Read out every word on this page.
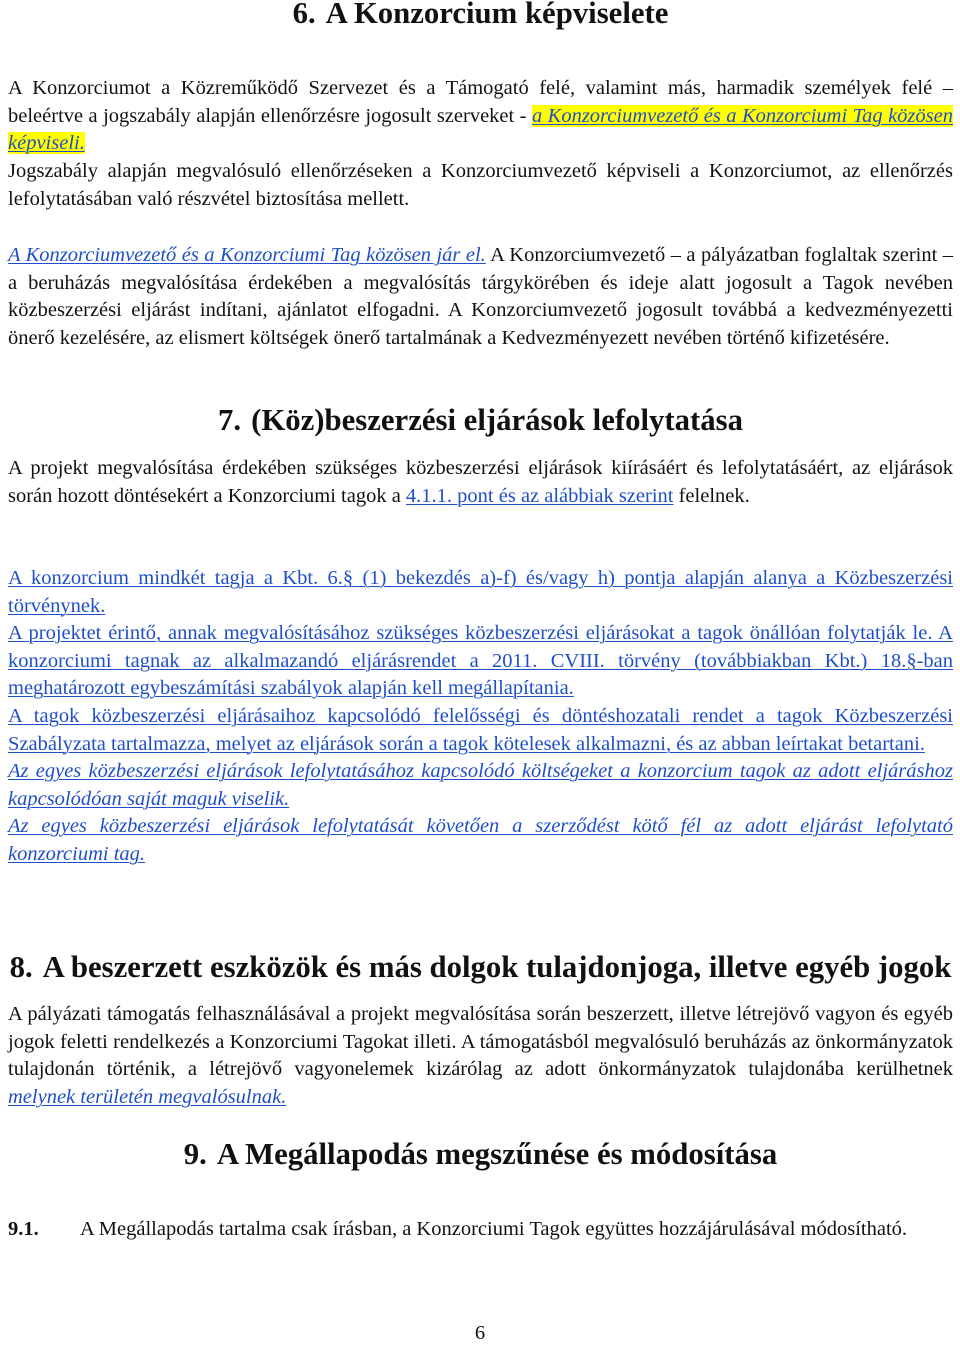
6. A Konzorcium képviselete

A Konzorciumot a Közreműködő Szervezet és a Támogató felé, valamint más, harmadik személyek felé – beleértve a jogszabály alapján ellenőrzésre jogosult szerveket - a Konzorciumvezető és a Konzorciumi Tag közösen képviseli.

Jogszabály alapján megvalósuló ellenőrzéseken a Konzorciumvezető képviseli a Konzorciumot, az ellenőrzés lefolytatásában való részvétel biztosítása mellett.

A Konzorciumvezető és a Konzorciumi Tag közösen jár el. A Konzorciumvezető – a pályázatban foglaltak szerint – a beruházás megvalósítása érdekében a megvalósítás tárgykörében és ideje alatt jogosult a Tagok nevében közbeszerzési eljárást indítani, ajánlatot elfogadni. A Konzorciumvezető jogosult továbbá a kedvezményezetti önerő kezelésére, az elismert költségek önerő tartalmának a Kedvezményezett nevében történő kifizetésére.

7. (Köz)beszerzési eljárások lefolytatása

A projekt megvalósítása érdekében szükséges közbeszerzési eljárások kiírásáért és lefolytatásáért, az eljárások során hozott döntésekért a Konzorciumi tagok a 4.1.1. pont és az alábbiak szerint felelnek.

A konzorcium mindkét tagja a Kbt. 6.§ (1) bekezdés a)-f) és/vagy h) pontja alapján alanya a Közbeszerzési törvénynek.

A projektet érintő, annak megvalósításához szükséges közbeszerzési eljárásokat a tagok önállóan folytatják le. A konzorciumi tagnak az alkalmazandó eljárásrendet a 2011. CVIII. törvény (továbbiakban Kbt.) 18.§-ban meghatározott egybeszámítási szabályok alapján kell megállapítania.

A tagok közbeszerzési eljárásaihoz kapcsolódó felelősségi és döntéshozatali rendet a tagok Közbeszerzési Szabályzata tartalmazza, melyet az eljárások során a tagok kötelesek alkalmazni, és az abban leírtakat betartani.

Az egyes közbeszerzési eljárások lefolytatásához kapcsolódó költségeket a konzorcium tagok az adott eljáráshoz kapcsolódóan saját maguk viselik.

Az egyes közbeszerzési eljárások lefolytatását követően a szerződést kötő fél az adott eljárást lefolytató konzorciumi tag.

8. A beszerzett eszközök és más dolgok tulajdonjoga, illetve egyéb jogok

A pályázati támogatás felhasználásával a projekt megvalósítása során beszerzett, illetve létrejövő vagyon és egyéb jogok feletti rendelkezés a Konzorciumi Tagokat illeti. A támogatásból megvalósuló beruházás az önkormányzatok tulajdonán történik, a létrejövő vagyonelemek kizárólag az adott önkormányzatok tulajdonába kerülhetnek melynek területén megvalósulnak.

9. A Megállapodás megszűnése és módosítása

9.1. A Megállapodás tartalma csak írásban, a Konzorciumi Tagok együttes hozzájárulásával módosítható.

6
